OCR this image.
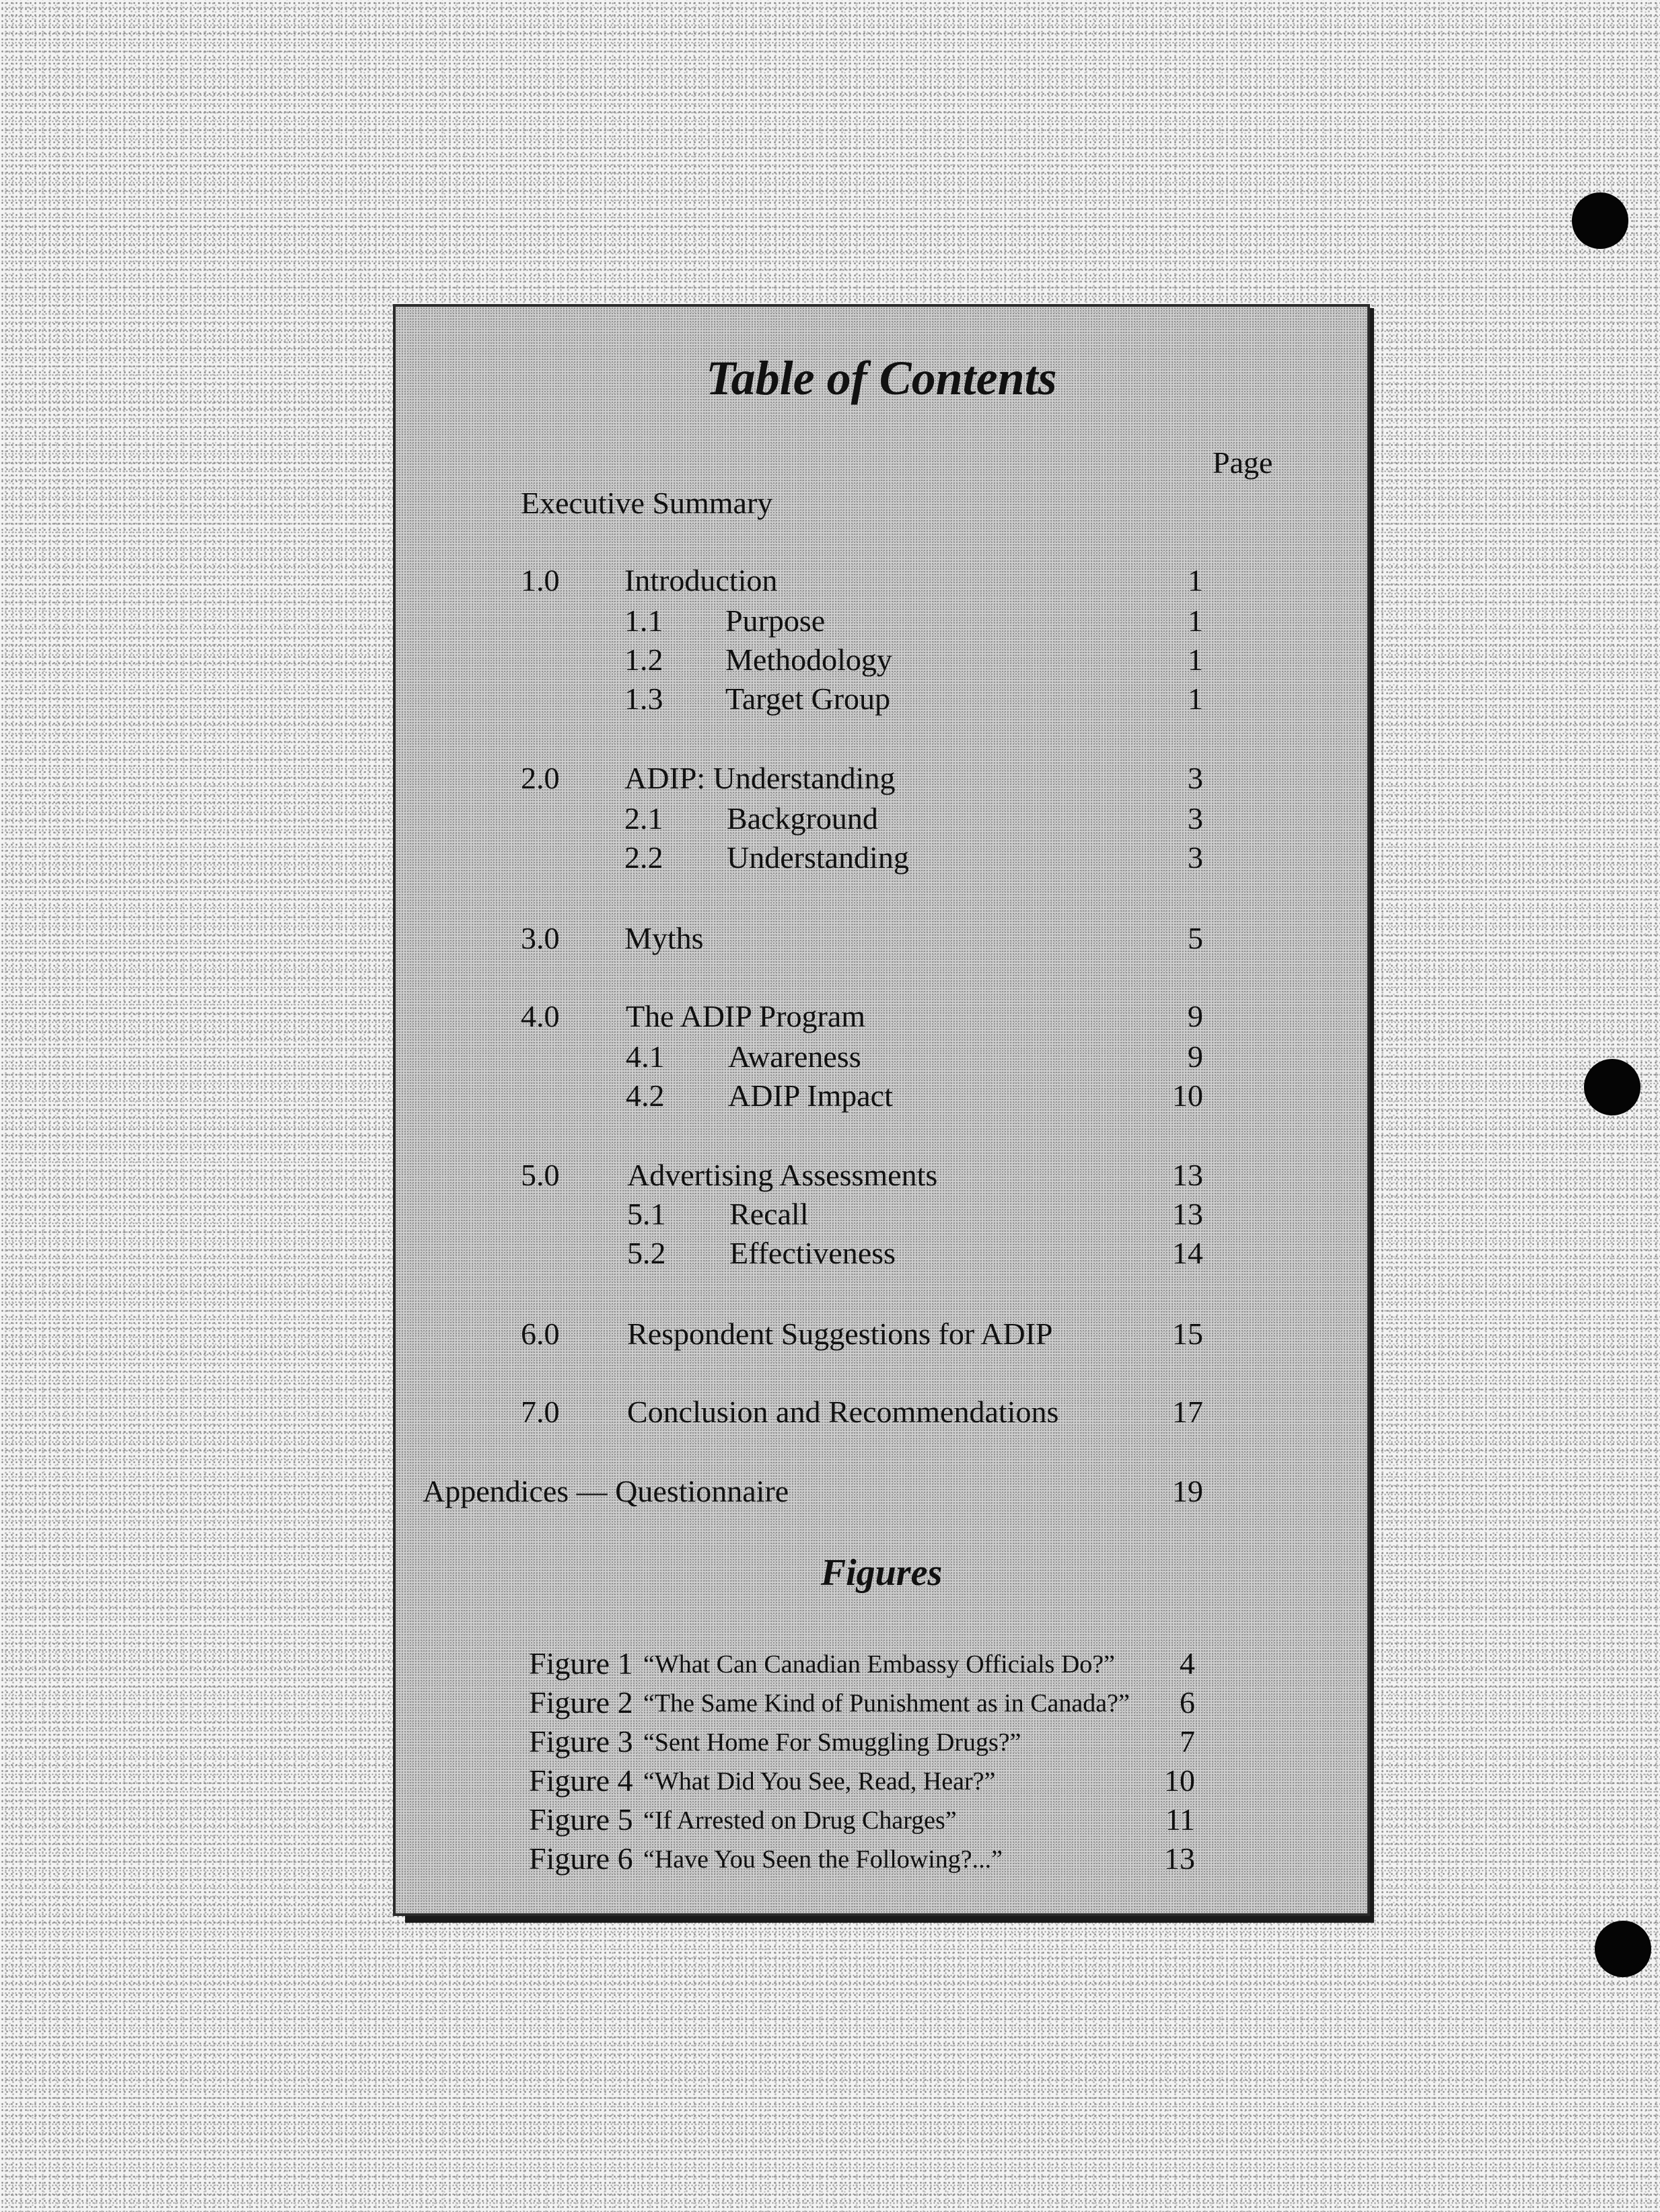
Table of Contents
Page
Executive Summary
1.0 Introduction	1
1.1 Purpose	1
1.2 Methodology	1
1.3 Target Group	1
2.0 ADIP: Understanding	3
2.1 Background	3
2.2 Understanding	3
3.0 Myths	5
4.0 The ADIP Program	9
4.1 Awareness	9
4.2 ADIP Impact	10
5.0 Advertising Assessments	13
5.1 Recall	13
5.2 Effectiveness	14
6.0 Respondent Suggestions for ADIP	15
7.0 Conclusion and Recommendations	17
Appendices — Questionnaire	19
Figures
Figure 1 “What Can Canadian Embassy Officials Do?”	4
Figure 2 “The Same Kind of Punishment as in Canada?”	6
Figure 3 “Sent Home For Smuggling Drugs?”	7
Figure 4 “What Did You See, Read, Hear?”	10
Figure 5 “If Arrested on Drug Charges”	11
Figure 6 “Have You Seen the Following?...”	13
